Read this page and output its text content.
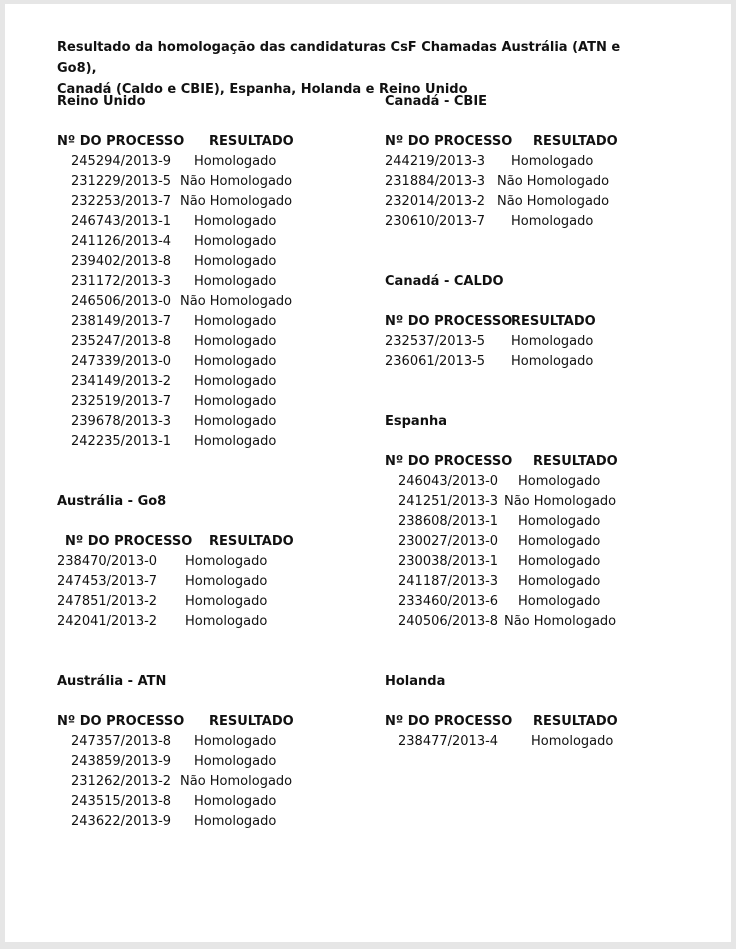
Resultado da homologação das candidaturas CsF Chamadas Austrália (ATN e Go8),
Canadá (Caldo e CBIE), Espanha, Holanda e Reino Unido
Reino Unido
Nº DO PROCESSO RESULTADO
245294/2013-9 Homologado
231229/2013-5 Não Homologado
232253/2013-7 Não Homologado
246743/2013-1 Homologado
241126/2013-4 Homologado
239402/2013-8 Homologado
231172/2013-3 Homologado
246506/2013-0 Não Homologado
238149/2013-7 Homologado
235247/2013-8 Homologado
247339/2013-0 Homologado
234149/2013-2 Homologado
232519/2013-7 Homologado
239678/2013-3 Homologado
242235/2013-1 Homologado
Austrália - Go8
Nº DO PROCESSO RESULTADO
238470/2013-0 Homologado
247453/2013-7 Homologado
247851/2013-2 Homologado
242041/2013-2 Homologado
Austrália - ATN
Nº DO PROCESSO RESULTADO
247357/2013-8 Homologado
243859/2013-9 Homologado
231262/2013-2 Não Homologado
243515/2013-8 Homologado
243622/2013-9 Homologado
Canadá - CBIE
Nº DO PROCESSO RESULTADO
244219/2013-3 Homologado
231884/2013-3 Não Homologado
232014/2013-2 Não Homologado
230610/2013-7 Homologado
Canadá - CALDO
Nº DO PROCESSO
RESULTADO
232537/2013-5 Homologado
236061/2013-5 Homologado
Espanha
Nº DO PROCESSO RESULTADO
246043/2013-0 Homologado
241251/2013-3 Não Homologado
238608/2013-1 Homologado
230027/2013-0 Homologado
230038/2013-1 Homologado
241187/2013-3 Homologado
233460/2013-6 Homologado
240506/2013-8 Não Homologado
Holanda
Nº DO PROCESSO RESULTADO
238477/2013-4	Homologado
